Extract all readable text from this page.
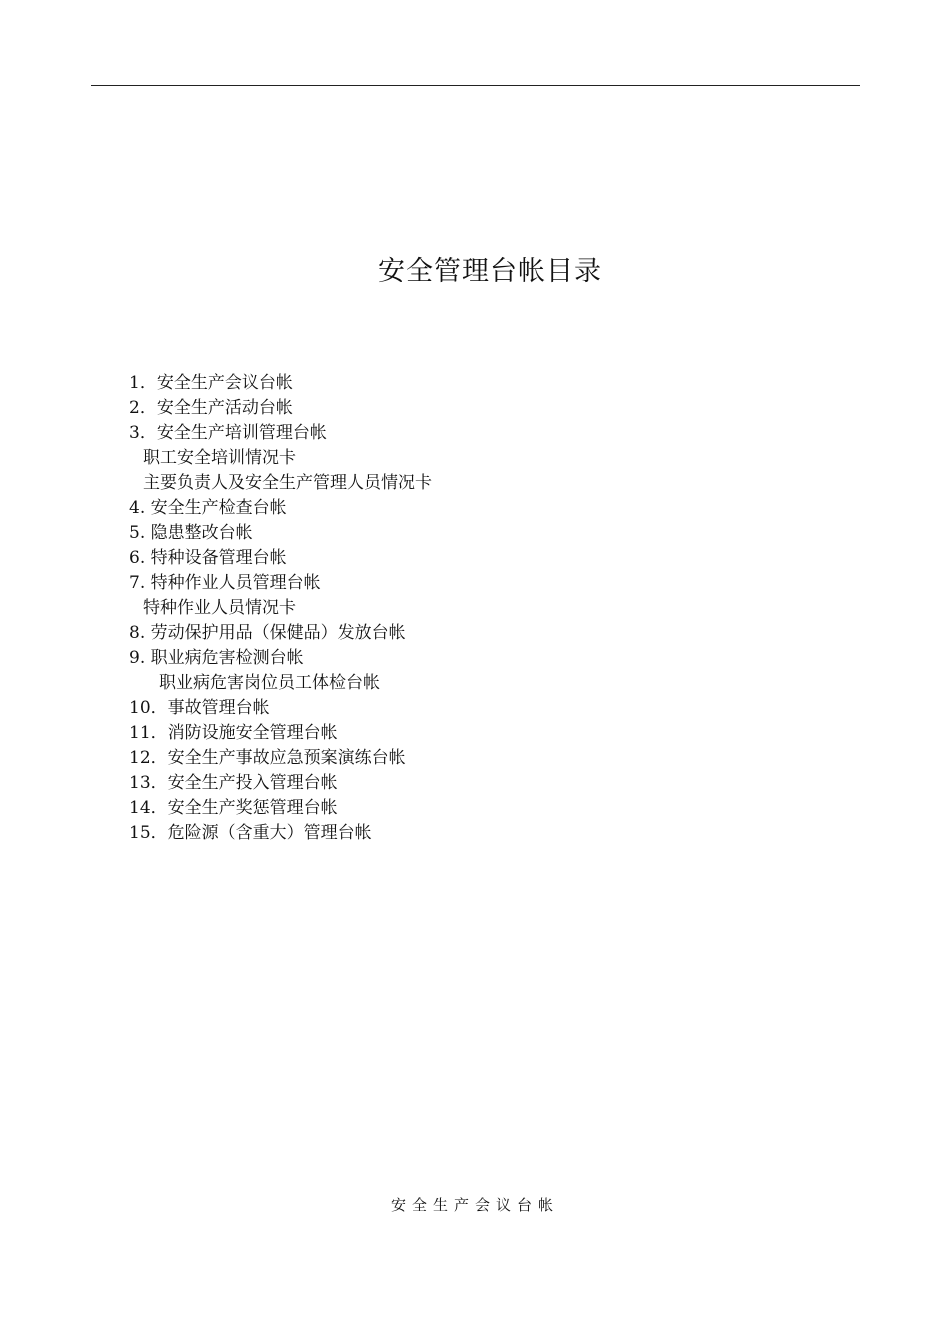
安全管理台帐目录
1．安全生产会议台帐
2．安全生产活动台帐
3．安全生产培训管理台帐
职工安全培训情况卡
主要负责人及安全生产管理人员情况卡
4. 安全生产检查台帐
5. 隐患整改台帐
6. 特种设备管理台帐
7. 特种作业人员管理台帐
特种作业人员情况卡
8. 劳动保护用品（保健品）发放台帐
9. 职业病危害检测台帐
职业病危害岗位员工体检台帐
10．事故管理台帐
11．消防设施安全管理台帐
12．安全生产事故应急预案演练台帐
13．安全生产投入管理台帐
14．安全生产奖惩管理台帐
15．危险源（含重大）管理台帐
安全生产会议台帐
